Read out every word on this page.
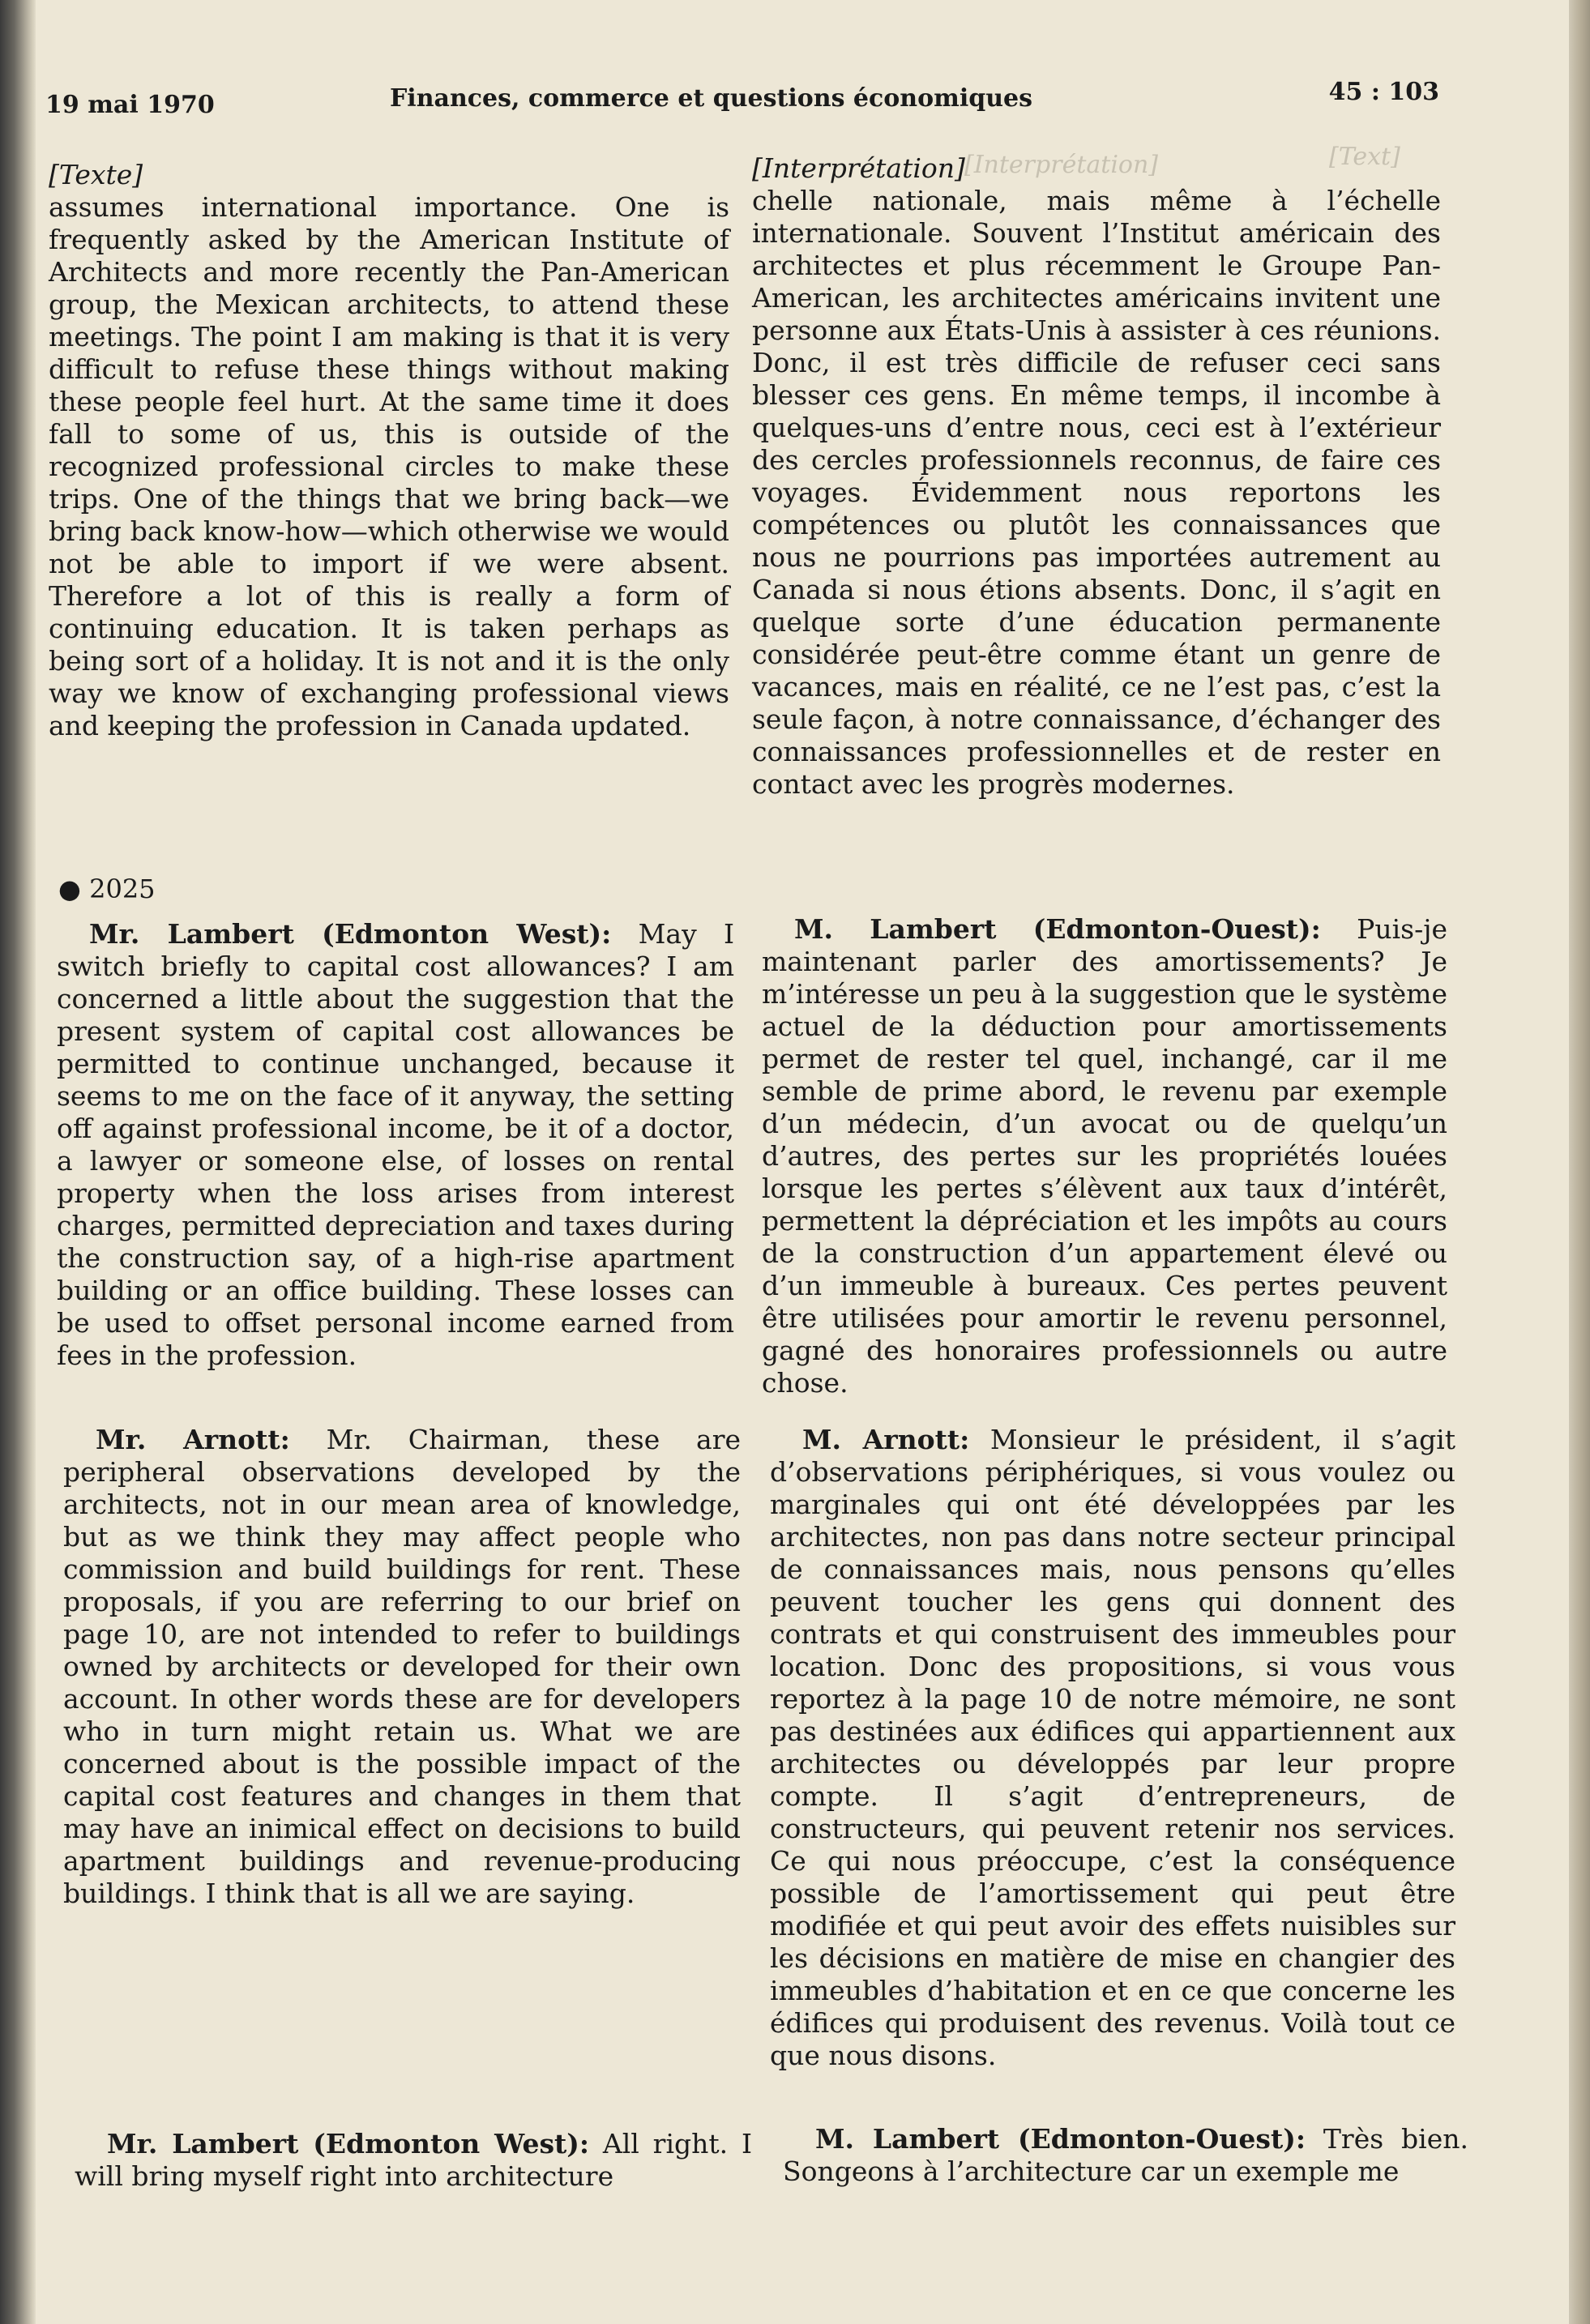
[Text]
[Interprétation]
19 mai 1970	Finances, commerce et questions économiques	45 : 103

[Texte]

assumes international importance. One is frequently asked by the American Institute of Architects and more recently the Pan-American group, the Mexican architects, to attend these meetings. The point I am making is that it is very difficult to refuse these things without making these people feel hurt. At the same time it does fall to some of us, this is outside of the recognized professional circles to make these trips. One of the things that we bring back—we bring back know-how—which otherwise we would not be able to import if we were absent. Therefore a lot of this is really a form of continuing education. It is taken perhaps as being sort of a holiday. It is not and it is the only way we know of exchanging professional views and keeping the profession in Canada updated.

● 2025
Mr. Lambert (Edmonton West): May I switch briefly to capital cost allowances? I am concerned a little about the suggestion that the present system of capital cost allowances be permitted to continue unchanged, because it seems to me on the face of it anyway, the setting off against professional income, be it of a doctor, a lawyer or someone else, of losses on rental property when the loss arises from interest charges, permitted depreciation and taxes during the construction say, of a high-rise apartment building or an office building. These losses can be used to offset personal income earned from fees in the profession.
Mr. Arnott: Mr. Chairman, these are peripheral observations developed by the architects, not in our mean area of knowledge, but as we think they may affect people who commission and build buildings for rent. These proposals, if you are referring to our brief on page 10, are not intended to refer to buildings owned by architects or developed for their own account. In other words these are for developers who in turn might retain us. What we are concerned about is the possible impact of the capital cost features and changes in them that may have an inimical effect on decisions to build apartment buildings and revenue-producing buildings. I think that is all we are saying.
Mr. Lambert (Edmonton West): All right. I will bring myself right into architecture

[Interprétation]

chelle nationale, mais même à l’échelle internationale. Souvent l’Institut américain des architectes et plus récemment le Groupe Pan-American, les architectes américains invitent une personne aux États-Unis à assister à ces réunions. Donc, il est très difficile de refuser ceci sans blesser ces gens. En même temps, il incombe à quelques-uns d’entre nous, ceci est à l’extérieur des cercles professionnels reconnus, de faire ces voyages. Évidemment nous reportons les compétences ou plutôt les connaissances que nous ne pourrions pas importées autrement au Canada si nous étions absents. Donc, il s’agit en quelque sorte d’une éducation permanente considérée peut-être comme étant un genre de vacances, mais en réalité, ce ne l’est pas, c’est la seule façon, à notre connaissance, d’échanger des connaissances professionnelles et de rester en contact avec les progrès modernes.

M. Lambert (Edmonton-Ouest): Puis-je maintenant parler des amortissements? Je m’intéresse un peu à la suggestion que le système actuel de la déduction pour amortissements permet de rester tel quel, inchangé, car il me semble de prime abord, le revenu par exemple d’un médecin, d’un avocat ou de quelqu’un d’autres, des pertes sur les propriétés louées lorsque les pertes s’élèvent aux taux d’intérêt, permettent la dépréciation et les impôts au cours de la construction d’un appartement élevé ou d’un immeuble à bureaux. Ces pertes peuvent être utilisées pour amortir le revenu personnel, gagné des honoraires professionnels ou autre chose.
M. Arnott: Monsieur le président, il s’agit d’observations périphériques, si vous voulez ou marginales qui ont été développées par les architectes, non pas dans notre secteur principal de connaissances mais, nous pensons qu’elles peuvent toucher les gens qui donnent des contrats et qui construisent des immeubles pour location. Donc des propositions, si vous vous reportez à la page 10 de notre mémoire, ne sont pas destinées aux édifices qui appartiennent aux architectes ou développés par leur propre compte. Il s’agit d’entrepreneurs, de constructeurs, qui peuvent retenir nos services. Ce qui nous préoccupe, c’est la conséquence possible de l’amortissement qui peut être modifiée et qui peut avoir des effets nuisibles sur les décisions en matière de mise en changier des immeubles d’habitation et en ce que concerne les édifices qui produisent des revenus. Voilà tout ce que nous disons.
M. Lambert (Edmonton-Ouest): Très bien. Songeons à l’architecture car un exemple me
